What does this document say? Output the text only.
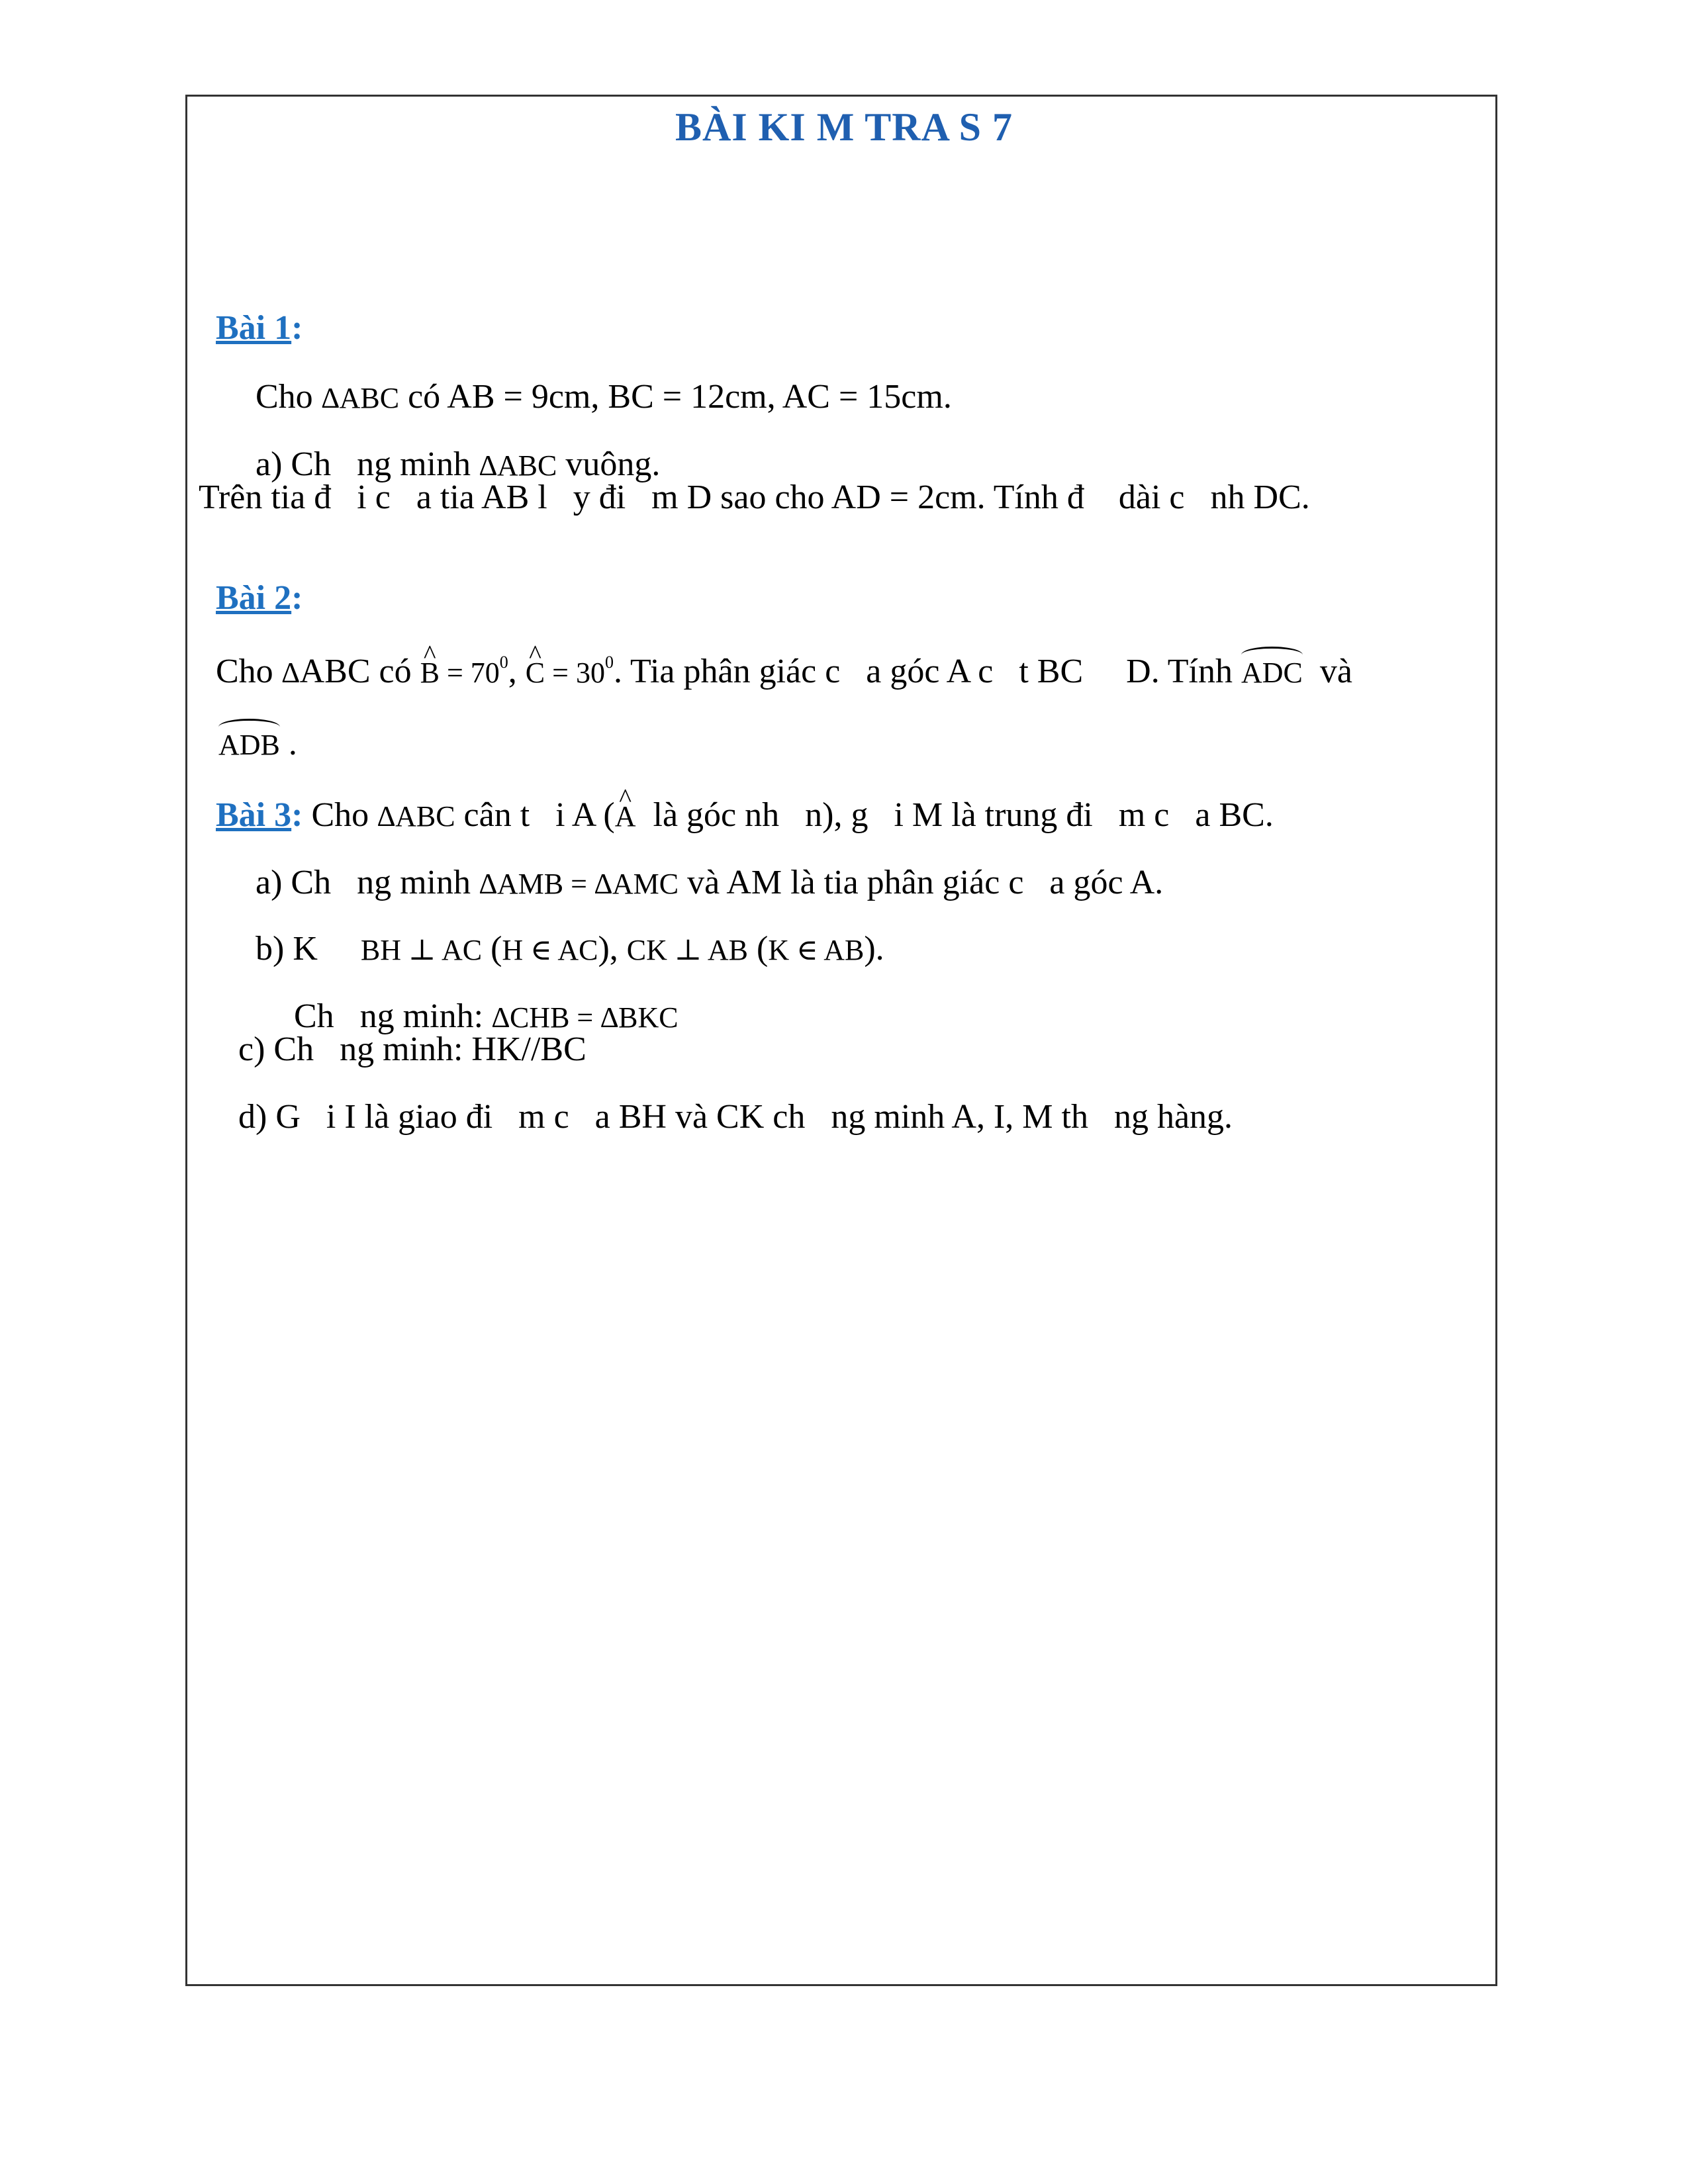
BÀI KI M TRA S 7

Bài 1:

Cho ∆ABC có AB = 9cm, BC = 12cm, AC = 15cm.

a) Ch   ng minh ∆ABC vuông.

Trên tia đ   i c   a tia AB l   y đi   m D sao cho AD = 2cm. Tính đ    dài c   nh DC.

Bài 2:

Cho ∆ABC có ^ $B = 70^0$, ^ $C = 30^0$. Tia phân giác c   a góc A c   t BC     D. Tính ADC  và

ADB .

Bài 3: Cho ∆ABC cân t   i A (^ A  là góc nh   n), g   i M là trung đi   m c   a BC.

a) Ch   ng minh ∆AMB = ∆AMC và AM là tia phân giác c   a góc A.

b) K     BH ⊥ AC (H ∈ AC), CK ⊥ AB (K ∈ AB).

Ch   ng minh: ∆CHB = ∆BKC

c) Ch   ng minh: HK//BC
d) G   i I là giao đi   m c   a BH và CK ch   ng minh A, I, M th   ng hàng.
